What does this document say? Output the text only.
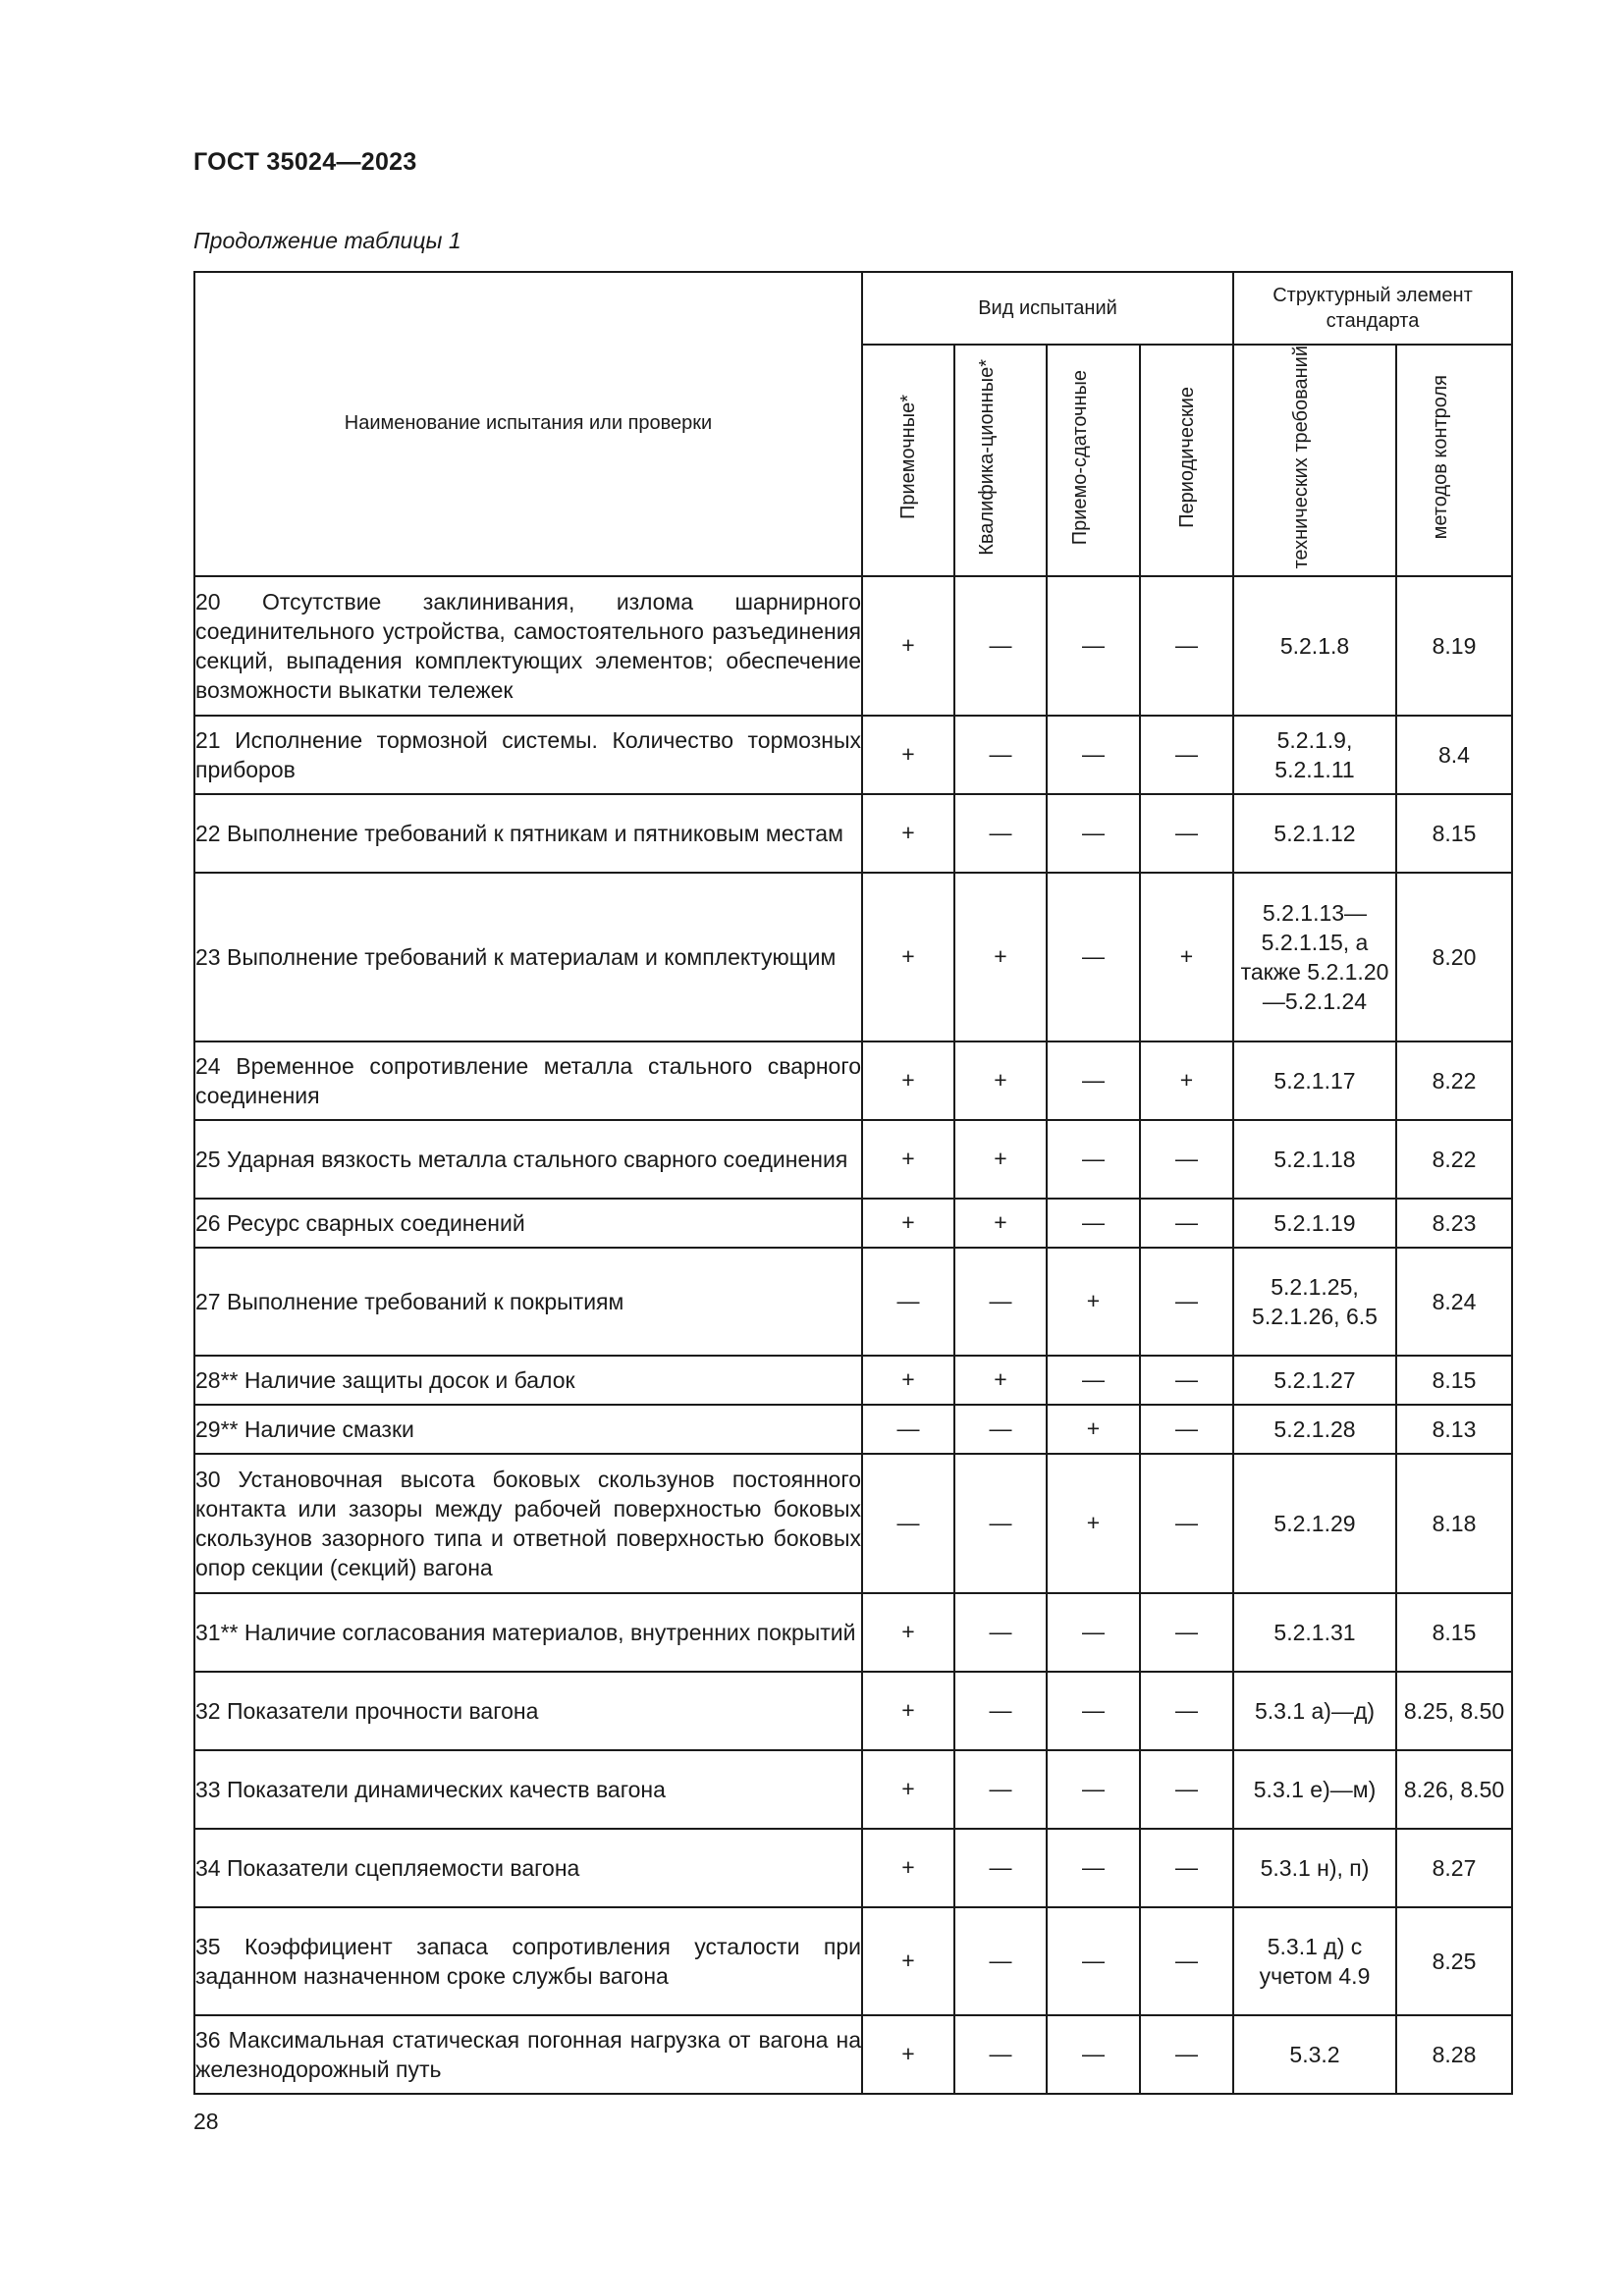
ГОСТ 35024—2023
Продолжение таблицы 1
Наименование испытания или проверки	Вид испытаний				Структурный элемент стандарта	
	Приемочные*	Квалифика-ционные*	Приемо-сдаточные	Периодические	технических требований	методов контроля
20 Отсутствие заклинивания, излома шарнирного соединительного устройства, самостоятельного разъединения секций, выпадения комплектующих элементов; обеспечение возможности выкатки тележек	+	—	—	—	5.2.1.8	8.19
21 Исполнение тормозной системы. Количество тормозных приборов	+	—	—	—	5.2.1.9, 5.2.1.11	8.4
22 Выполнение требований к пятникам и пятниковым местам	+	—	—	—	5.2.1.12	8.15
23 Выполнение требований к материалам и комплектующим	+	+	—	+	5.2.1.13—5.2.1.15, а также 5.2.1.20—5.2.1.24	8.20
24 Временное сопротивление металла стального сварного соединения	+	+	—	+	5.2.1.17	8.22
25 Ударная вязкость металла стального сварного соединения	+	+	—	—	5.2.1.18	8.22
26 Ресурс сварных соединений	+	+	—	—	5.2.1.19	8.23
27 Выполнение требований к покрытиям	—	—	+	—	5.2.1.25, 5.2.1.26, 6.5	8.24
28** Наличие защиты досок и балок	+	+	—	—	5.2.1.27	8.15
29** Наличие смазки	—	—	+	—	5.2.1.28	8.13
30 Установочная высота боковых скользунов постоянного контакта или зазоры между рабочей поверхностью боковых скользунов зазорного типа и ответной поверхностью боковых опор секции (секций) вагона	—	—	+	—	5.2.1.29	8.18
31** Наличие согласования материалов, внутренних покрытий	+	—	—	—	5.2.1.31	8.15
32 Показатели прочности вагона	+	—	—	—	5.3.1 а)—д)	8.25, 8.50
33 Показатели динамических качеств вагона	+	—	—	—	5.3.1 е)—м)	8.26, 8.50
34 Показатели сцепляемости вагона	+	—	—	—	5.3.1 н), п)	8.27
35 Коэффициент запаса сопротивления усталости при заданном назначенном сроке службы вагона	+	—	—	—	5.3.1 д) с учетом 4.9	8.25
36 Максимальная статическая погонная нагрузка от вагона на железнодорожный путь	+	—	—	—	5.3.2	8.28
28
